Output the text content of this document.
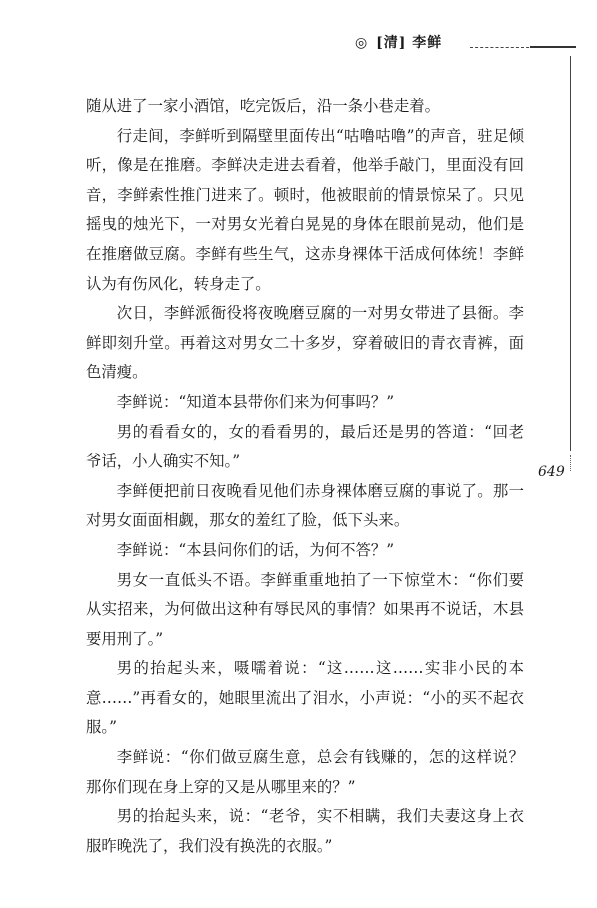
◎ [清] 李鲜
649

随从进了一家小酒馆，吃完饭后，沿一条小巷走着。

行走间，李鲜听到隔壁里面传出“咕噜咕噜”的声音，驻足倾听，像是在推磨。李鲜决走进去看着，他举手敲门，里面没有回音，李鲜索性推门进来了。顿时，他被眼前的情景惊呆了。只见摇曳的烛光下，一对男女光着白晃晃的身体在眼前晃动，他们是在推磨做豆腐。李鲜有些生气，这赤身裸体干活成何体统！李鲜认为有伤风化，转身走了。

次日，李鲜派衙役将夜晚磨豆腐的一对男女带进了县衙。李鲜即刻升堂。再着这对男女二十多岁，穿着破旧的青衣青裤，面色清瘦。

李鲜说：“知道本县带你们来为何事吗？”

男的看看女的，女的看看男的，最后还是男的答道：“回老爷话，小人确实不知。”

李鲜便把前日夜晚看见他们赤身裸体磨豆腐的事说了。那一对男女面面相觑，那女的羞红了脸，低下头来。

李鲜说：“本县问你们的话，为何不答？”

男女一直低头不语。李鲜重重地拍了一下惊堂木：“你们要从实招来，为何做出这种有辱民风的事情？如果再不说话，木县要用刑了。”

男的抬起头来，嗫嚅着说：“这……这……实非小民的本意……”再看女的，她眼里流出了泪水，小声说：“小的买不起衣服。”

李鲜说：“你们做豆腐生意，总会有钱赚的，怎的这样说？那你们现在身上穿的又是从哪里来的？”

男的抬起头来，说：“老爷，实不相瞒，我们夫妻这身上衣服昨晚洗了，我们没有换洗的衣服。”
